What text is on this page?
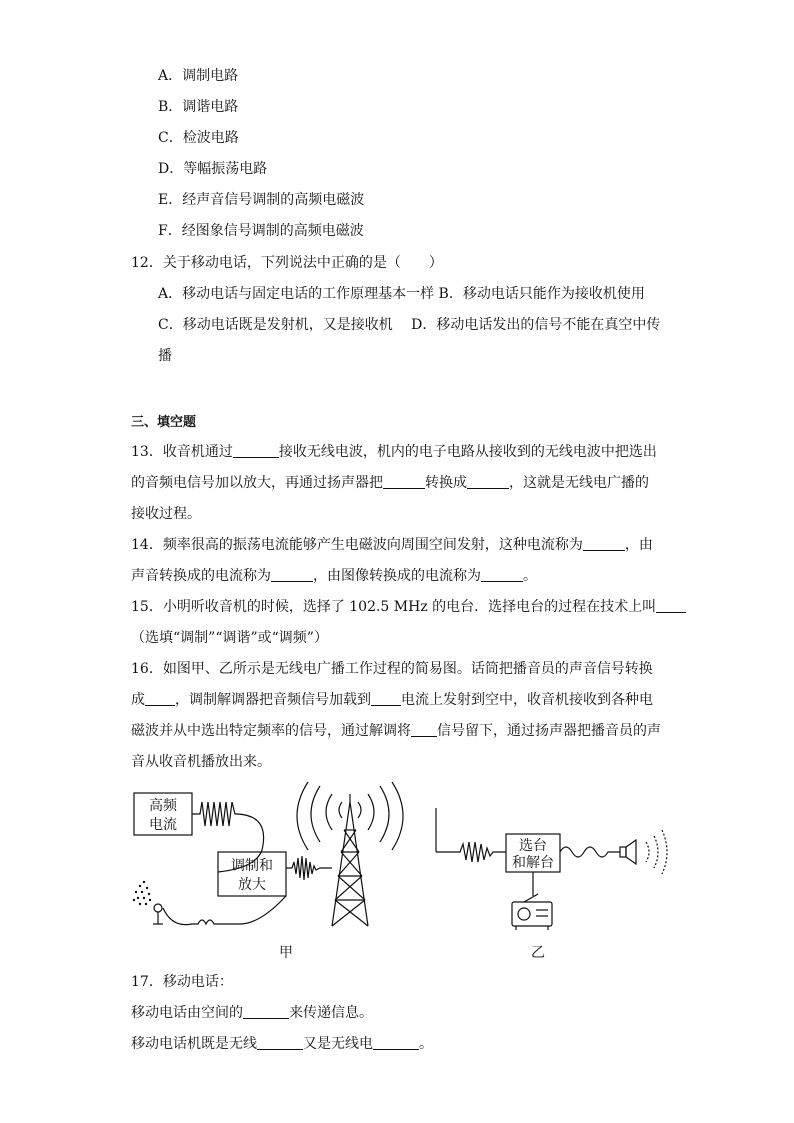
A．调制电路
B．调谐电路
C．检波电路
D．等幅振荡电路
E．经声音信号调制的高频电磁波
F．经图象信号调制的高频电磁波
12．关于移动电话，下列说法中正确的是（　　）
A．移动电话与固定电话的工作原理基本一样 B．移动电话只能作为接收机使用
C．移动电话既是发射机，又是接收机　 D．移动电话发出的信号不能在真空中传
播
三、填空题
13．收音机通过	接收无线电波，机内的电子电路从接收到的无线电波中把选出
的音频电信号加以放大，再通过扬声器把	转换成	，这就是无线电广播的
接收过程。
14．频率很高的振荡电流能够产生电磁波向周围空间发射，这种电流称为	，由
声音转换成的电流称为	，由图像转换成的电流称为	。
15．小明听收音机的时候，选择了 102.5 MHz 的电台．选择电台的过程在技术上叫
（选填“调制”“调谐”或“调频”）
16．如图甲、乙所示是无线电广播工作过程的简易图。话筒把播音员的声音信号转换
成 ，调制解调器把音频信号加载到 电流上发射到空中，收音机接收到各种电
磁波并从中选出特定频率的信号，通过解调将 信号留下，通过扬声器把播音员的声
音从收音机播放出来。
高频
电流
调制和
放大
选台
和解台
甲	乙
17．移动电话：
移动电话由空间的	来传递信息。
移动电话机既是无线	又是无线电	。
